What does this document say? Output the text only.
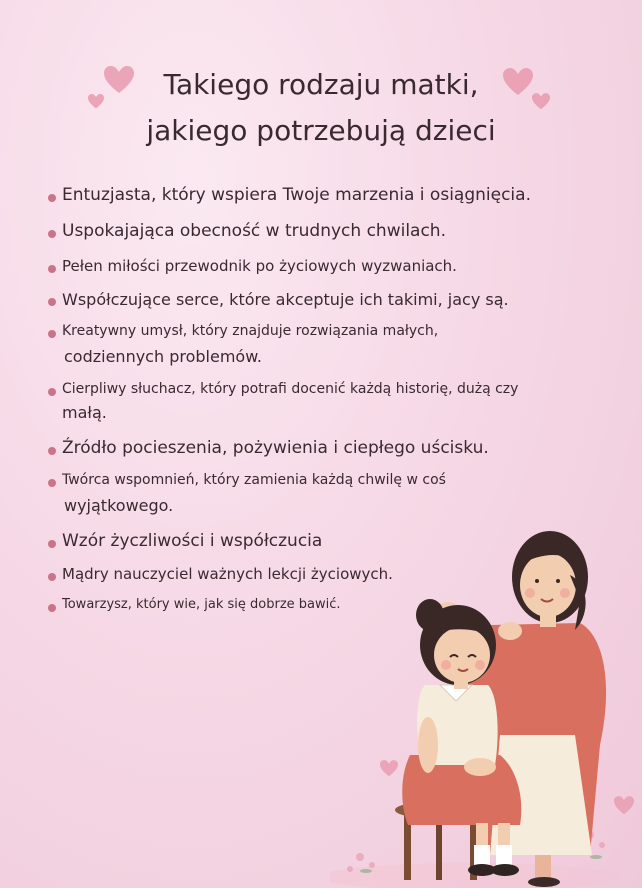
Takiego rodzaju matki,
jakiego potrzebują dzieci
Entuzjasta, który wspiera Twoje marzenia i osiągnięcia.
Uspokajająca obecność w trudnych chwilach.
Pełen miłości przewodnik po życiowych wyzwaniach.
Współczujące serce, które akceptuje ich takimi, jacy są.
Kreatywny umysł, który znajduje rozwiązania małych,
codziennych problemów.
Cierpliwy słuchacz, który potrafi docenić każdą historię, dużą czy
małą.
Źródło pocieszenia, pożywienia i ciepłego uścisku.
Twórca wspomnień, który zamienia każdą chwilę w coś
wyjątkowego.
Wzór życzliwości i współczucia
Mądry nauczyciel ważnych lekcji życiowych.
Towarzysz, który wie, jak się dobrze bawić.
